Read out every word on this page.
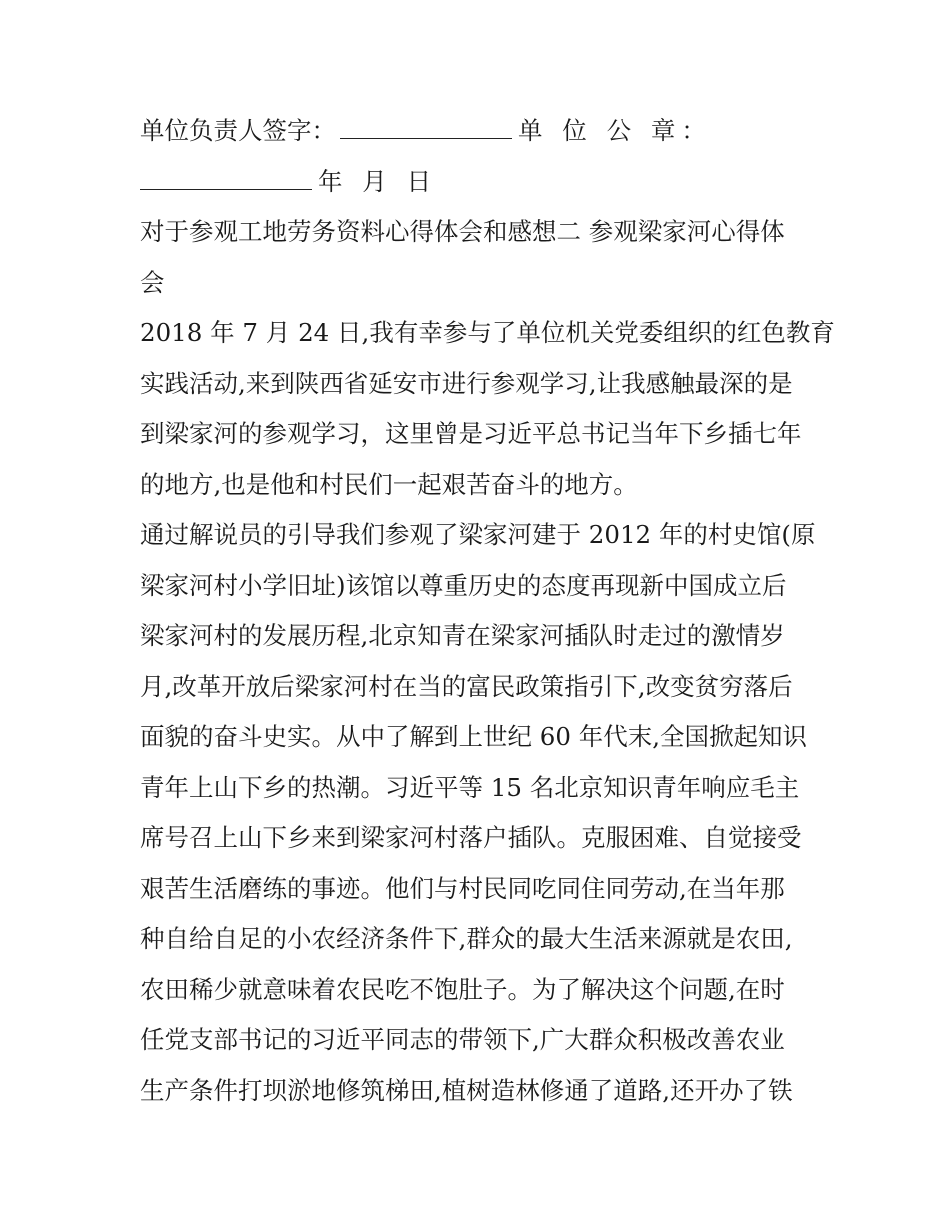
单位负责人签字：	单 位 公 章：
年 月 日
对于参观工地劳务资料心得体会和感想二 参观梁家河心得体
会
2018 年 7 月 24 日,我有幸参与了单位机关党委组织的红色教育
实践活动,来到陕西省延安市进行参观学习,让我感触最深的是
到梁家河的参观学习，这里曾是习近平总书记当年下乡插七年
的地方,也是他和村民们一起艰苦奋斗的地方。
通过解说员的引导我们参观了梁家河建于 2012 年的村史馆(原
梁家河村小学旧址)该馆以尊重历史的态度再现新中国成立后
梁家河村的发展历程,北京知青在梁家河插队时走过的激情岁
月,改革开放后梁家河村在当的富民政策指引下,改变贫穷落后
面貌的奋斗史实。从中了解到上世纪 60 年代末,全国掀起知识
青年上山下乡的热潮。习近平等 15 名北京知识青年响应毛主
席号召上山下乡来到梁家河村落户插队。克服困难、自觉接受
艰苦生活磨练的事迹。他们与村民同吃同住同劳动,在当年那
种自给自足的小农经济条件下,群众的最大生活来源就是农田,
农田稀少就意味着农民吃不饱肚子。为了解决这个问题,在时
任党支部书记的习近平同志的带领下,广大群众积极改善农业
生产条件打坝淤地修筑梯田,植树造林修通了道路,还开办了铁
